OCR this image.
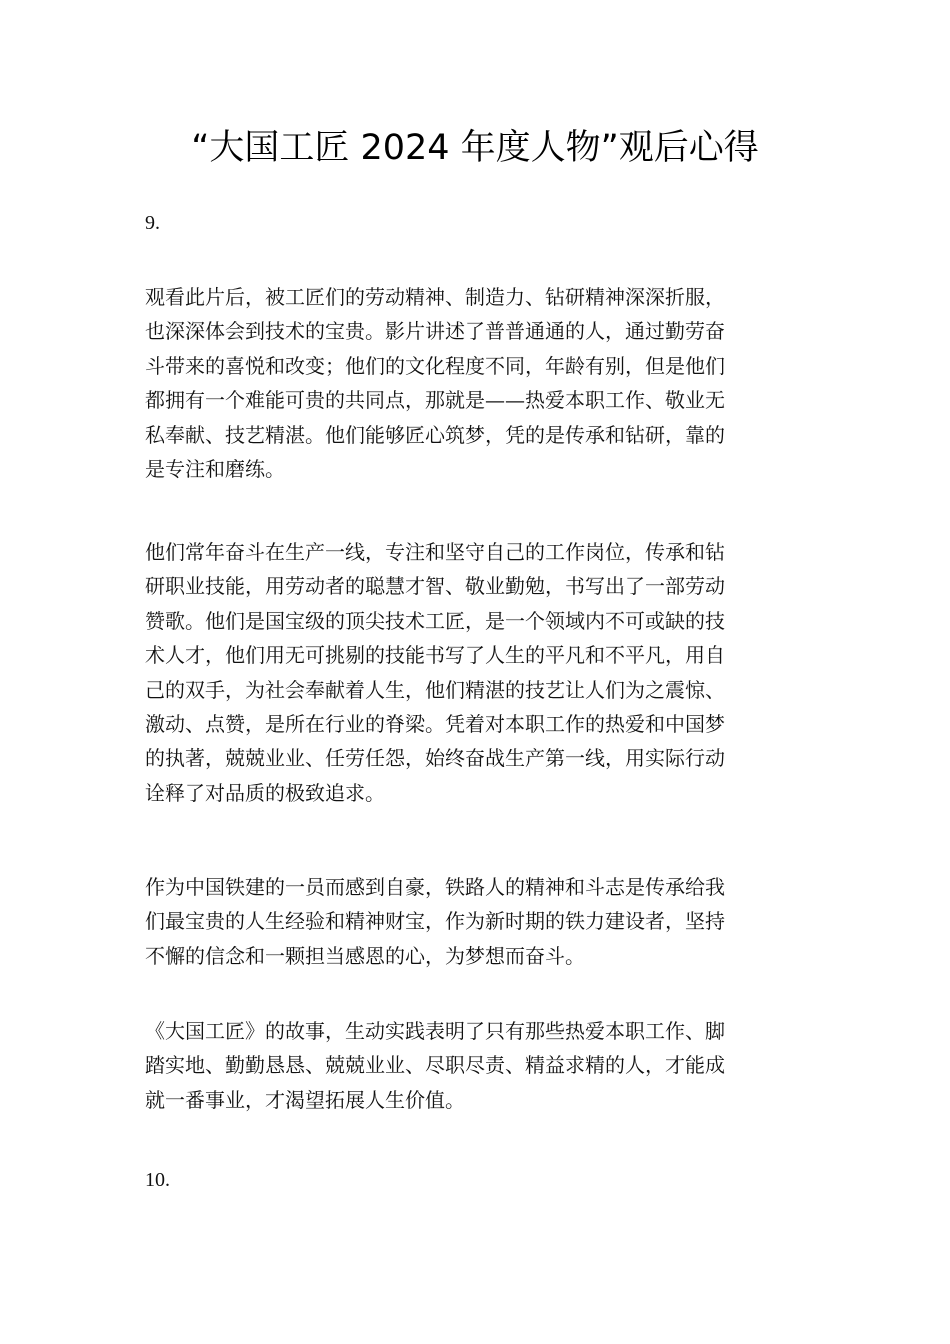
“大国工匠 2024 年度人物”观后心得
9.
观看此片后，被工匠们的劳动精神、制造力、钻研精神深深折服，
也深深体会到技术的宝贵。影片讲述了普普通通的人，通过勤劳奋
斗带来的喜悦和改变；他们的文化程度不同，年龄有别，但是他们
都拥有一个难能可贵的共同点，那就是——热爱本职工作、敬业无
私奉献、技艺精湛。他们能够匠心筑梦，凭的是传承和钻研，靠的
是专注和磨练。
他们常年奋斗在生产一线，专注和坚守自己的工作岗位，传承和钻
研职业技能，用劳动者的聪慧才智、敬业勤勉，书写出了一部劳动
赞歌。他们是国宝级的顶尖技术工匠，是一个领域内不可或缺的技
术人才，他们用无可挑剔的技能书写了人生的平凡和不平凡，用自
己的双手，为社会奉献着人生，他们精湛的技艺让人们为之震惊、
激动、点赞，是所在行业的脊梁。凭着对本职工作的热爱和中国梦
的执著，兢兢业业、任劳任怨，始终奋战生产第一线，用实际行动
诠释了对品质的极致追求。
作为中国铁建的一员而感到自豪，铁路人的精神和斗志是传承给我
们最宝贵的人生经验和精神财宝，作为新时期的铁力建设者，坚持
不懈的信念和一颗担当感恩的心，为梦想而奋斗。
《大国工匠》的故事，生动实践表明了只有那些热爱本职工作、脚
踏实地、勤勤恳恳、兢兢业业、尽职尽责、精益求精的人，才能成
就一番事业，才渴望拓展人生价值。
10.
